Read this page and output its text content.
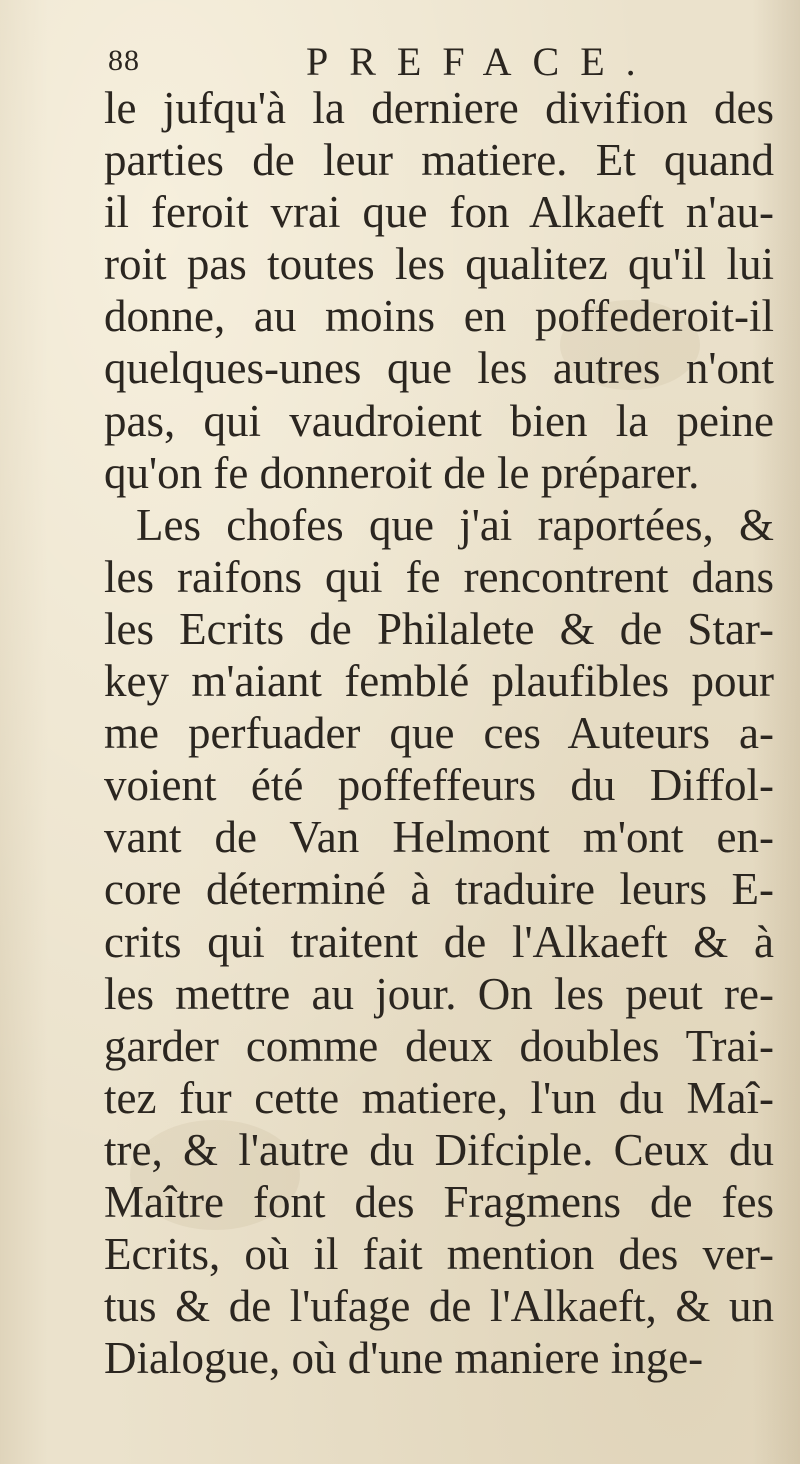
88	PREFACE.
le jufqu'à la derniere divifion des
parties de leur matiere. Et quand
il feroit vrai que fon Alkaeft n'au-
roit pas toutes les qualitez qu'il lui
donne, au moins en poffederoit-il
quelques-unes que les autres n'ont
pas, qui vaudroient bien la peine
qu'on fe donneroit de le préparer.
Les chofes que j'ai raportées, &
les raifons qui fe rencontrent dans
les Ecrits de Philalete & de Star-
key m'aiant femblé plaufibles pour
me perfuader que ces Auteurs a-
voient été poffeffeurs du Diffol-
vant de Van Helmont m'ont en-
core déterminé à traduire leurs E-
crits qui traitent de l'Alkaeft & à
les mettre au jour. On les peut re-
garder comme deux doubles Trai-
tez fur cette matiere, l'un du Maî-
tre, & l'autre du Difciple. Ceux du
Maître font des Fragmens de fes
Ecrits, où il fait mention des ver-
tus & de l'ufage de l'Alkaeft, & un
Dialogue, où d'une maniere inge-
